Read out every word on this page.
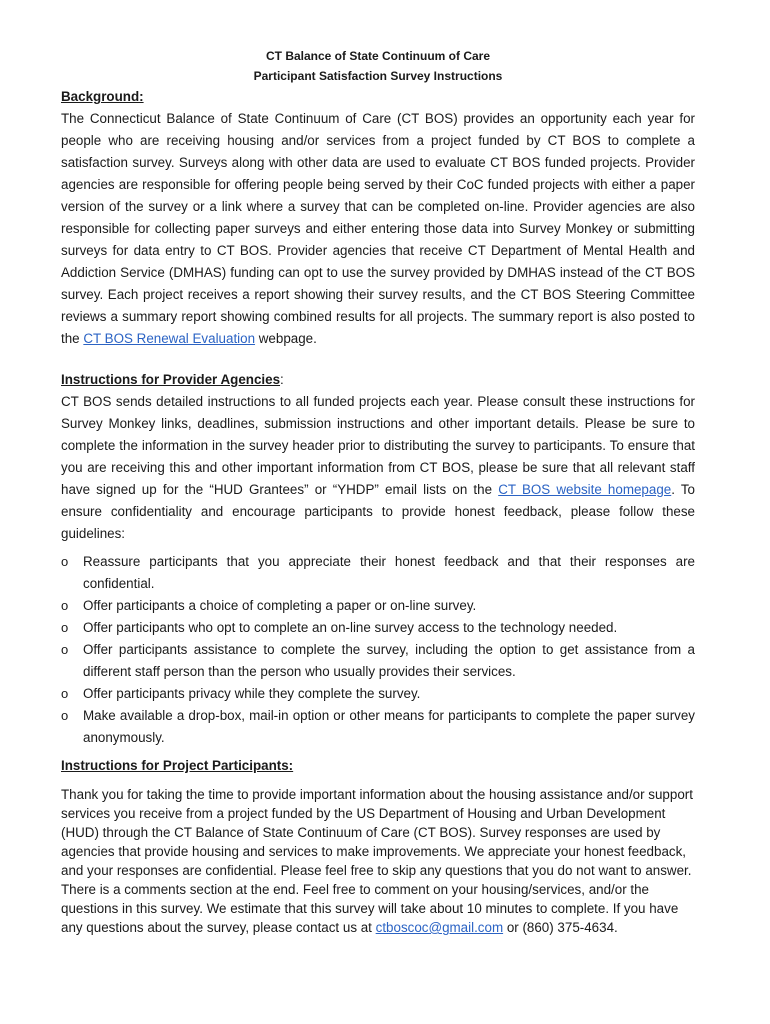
CT Balance of State Continuum of Care
Participant Satisfaction Survey Instructions
Background:

The Connecticut Balance of State Continuum of Care (CT BOS) provides an opportunity each year for people who are receiving housing and/or services from a project funded by CT BOS to complete a satisfaction survey. Surveys along with other data are used to evaluate CT BOS funded projects. Provider agencies are responsible for offering people being served by their CoC funded projects with either a paper version of the survey or a link where a survey that can be completed on-line. Provider agencies are also responsible for collecting paper surveys and either entering those data into Survey Monkey or submitting surveys for data entry to CT BOS. Provider agencies that receive CT Department of Mental Health and Addiction Service (DMHAS) funding can opt to use the survey provided by DMHAS instead of the CT BOS survey. Each project receives a report showing their survey results, and the CT BOS Steering Committee reviews a summary report showing combined results for all projects. The summary report is also posted to the CT BOS Renewal Evaluation webpage.

Instructions for Provider Agencies:

CT BOS sends detailed instructions to all funded projects each year. Please consult these instructions for Survey Monkey links, deadlines, submission instructions and other important details. Please be sure to complete the information in the survey header prior to distributing the survey to participants. To ensure that you are receiving this and other important information from CT BOS, please be sure that all relevant staff have signed up for the “HUD Grantees” or “YHDP” email lists on the CT BOS website homepage. To ensure confidentiality and encourage participants to provide honest feedback, please follow these guidelines:

o Reassure participants that you appreciate their honest feedback and that their responses are confidential.
o Offer participants a choice of completing a paper or on-line survey.
o Offer participants who opt to complete an on-line survey access to the technology needed.
o Offer participants assistance to complete the survey, including the option to get assistance from a different staff person than the person who usually provides their services.
o Offer participants privacy while they complete the survey.
o Make available a drop-box, mail-in option or other means for participants to complete the paper survey anonymously.
Instructions for Project Participants:

Thank you for taking the time to provide important information about the housing assistance and/or support services you receive from a project funded by the US Department of Housing and Urban Development (HUD) through the CT Balance of State Continuum of Care (CT BOS). Survey responses are used by agencies that provide housing and services to make improvements. We appreciate your honest feedback, and your responses are confidential. Please feel free to skip any questions that you do not want to answer. There is a comments section at the end. Feel free to comment on your housing/services, and/or the questions in this survey. We estimate that this survey will take about 10 minutes to complete. If you have any questions about the survey, please contact us at ctboscoc@gmail.com or (860) 375-4634.
